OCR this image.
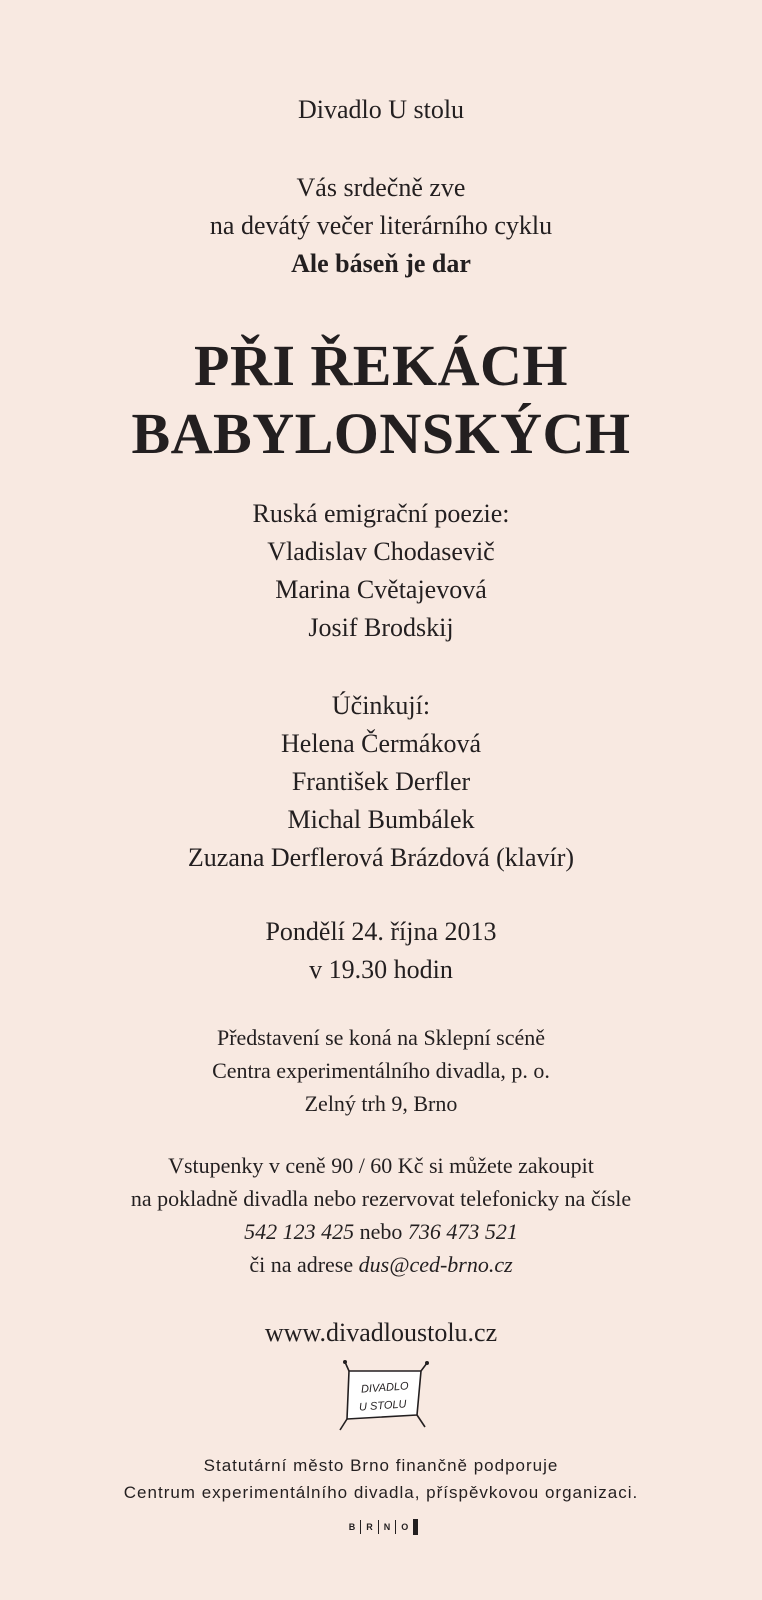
Divadlo U stolu
Vás srdečně zve
na devátý večer literárního cyklu
Ale báseň je dar
PŘI ŘEKÁCH
BABYLONSKÝCH
Ruská emigrační poezie:
Vladislav Chodasevič
Marina Cvětajevová
Josif Brodskij
Účinkují:
Helena Čermáková
František Derfler
Michal Bumbálek
Zuzana Derflerová Brázdová (klavír)
Pondělí 24. října 2013
v 19.30 hodin
Představení se koná na Sklepní scéně
Centra experimentálního divadla, p. o.
Zelný trh 9, Brno
Vstupenky v ceně 90 / 60 Kč si můžete zakoupit
na pokladně divadla nebo rezervovat telefonicky na čísle
542 123 425 nebo 736 473 521
či na adrese dus@ced-brno.cz
www.divadloustolu.cz
DIVADLO
U STOLU
Statutární město Brno finančně podporuje
Centrum experimentálního divadla, příspěvkovou organizaci.
B	R	N	O
